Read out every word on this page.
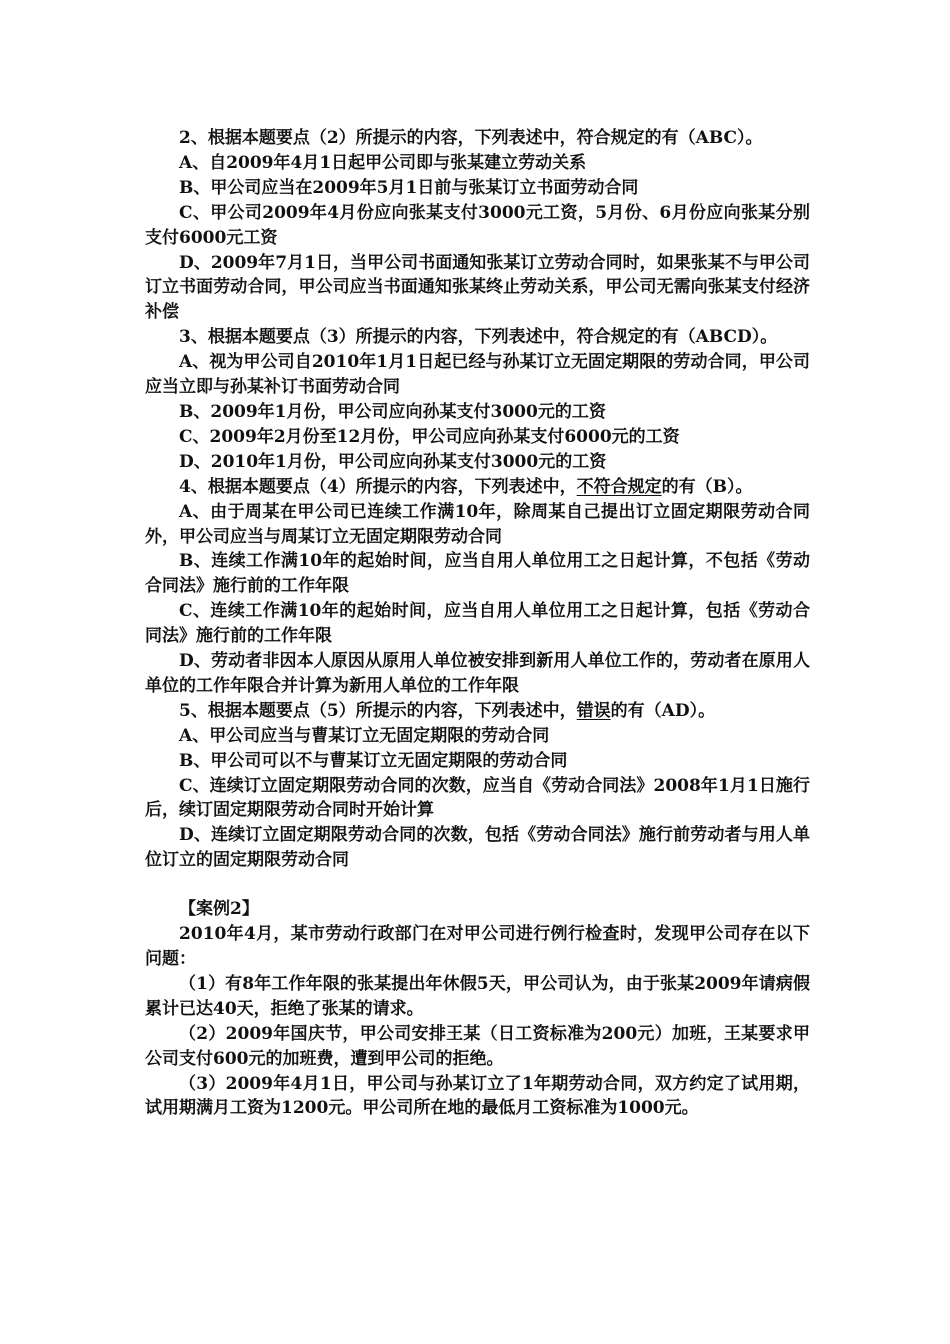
2、根据本题要点（2）所提示的内容，下列表述中，符合规定的有（ABC）。

A、自2009年4月1日起甲公司即与张某建立劳动关系

B、甲公司应当在2009年5月1日前与张某订立书面劳动合同

C、甲公司2009年4月份应向张某支付3000元工资，5月份、6月份应向张某分别支付6000元工资

D、2009年7月1日，当甲公司书面通知张某订立劳动合同时，如果张某不与甲公司订立书面劳动合同，甲公司应当书面通知张某终止劳动关系，甲公司无需向张某支付经济补偿

3、根据本题要点（3）所提示的内容，下列表述中，符合规定的有（ABCD）。

A、视为甲公司自2010年1月1日起已经与孙某订立无固定期限的劳动合同，甲公司应当立即与孙某补订书面劳动合同

B、2009年1月份，甲公司应向孙某支付3000元的工资

C、2009年2月份至12月份，甲公司应向孙某支付6000元的工资

D、2010年1月份，甲公司应向孙某支付3000元的工资

4、根据本题要点（4）所提示的内容，下列表述中，不符合规定的有（B）。

A、由于周某在甲公司已连续工作满10年，除周某自己提出订立固定期限劳动合同外，甲公司应当与周某订立无固定期限劳动合同

B、连续工作满10年的起始时间，应当自用人单位用工之日起计算，不包括《劳动合同法》施行前的工作年限

C、连续工作满10年的起始时间，应当自用人单位用工之日起计算，包括《劳动合同法》施行前的工作年限

D、劳动者非因本人原因从原用人单位被安排到新用人单位工作的，劳动者在原用人单位的工作年限合并计算为新用人单位的工作年限

5、根据本题要点（5）所提示的内容，下列表述中，错误的有（AD）。

A、甲公司应当与曹某订立无固定期限的劳动合同

B、甲公司可以不与曹某订立无固定期限的劳动合同

C、连续订立固定期限劳动合同的次数，应当自《劳动合同法》2008年1月1日施行后，续订固定期限劳动合同时开始计算

D、连续订立固定期限劳动合同的次数，包括《劳动合同法》施行前劳动者与用人单位订立的固定期限劳动合同

【案例2】

2010年4月，某市劳动行政部门在对甲公司进行例行检查时，发现甲公司存在以下问题：

（1）有8年工作年限的张某提出年休假5天，甲公司认为，由于张某2009年请病假累计已达40天，拒绝了张某的请求。

（2）2009年国庆节，甲公司安排王某（日工资标准为200元）加班，王某要求甲公司支付600元的加班费，遭到甲公司的拒绝。

（3）2009年4月1日，甲公司与孙某订立了1年期劳动合同，双方约定了试用期，试用期满月工资为1200元。甲公司所在地的最低月工资标准为1000元。
